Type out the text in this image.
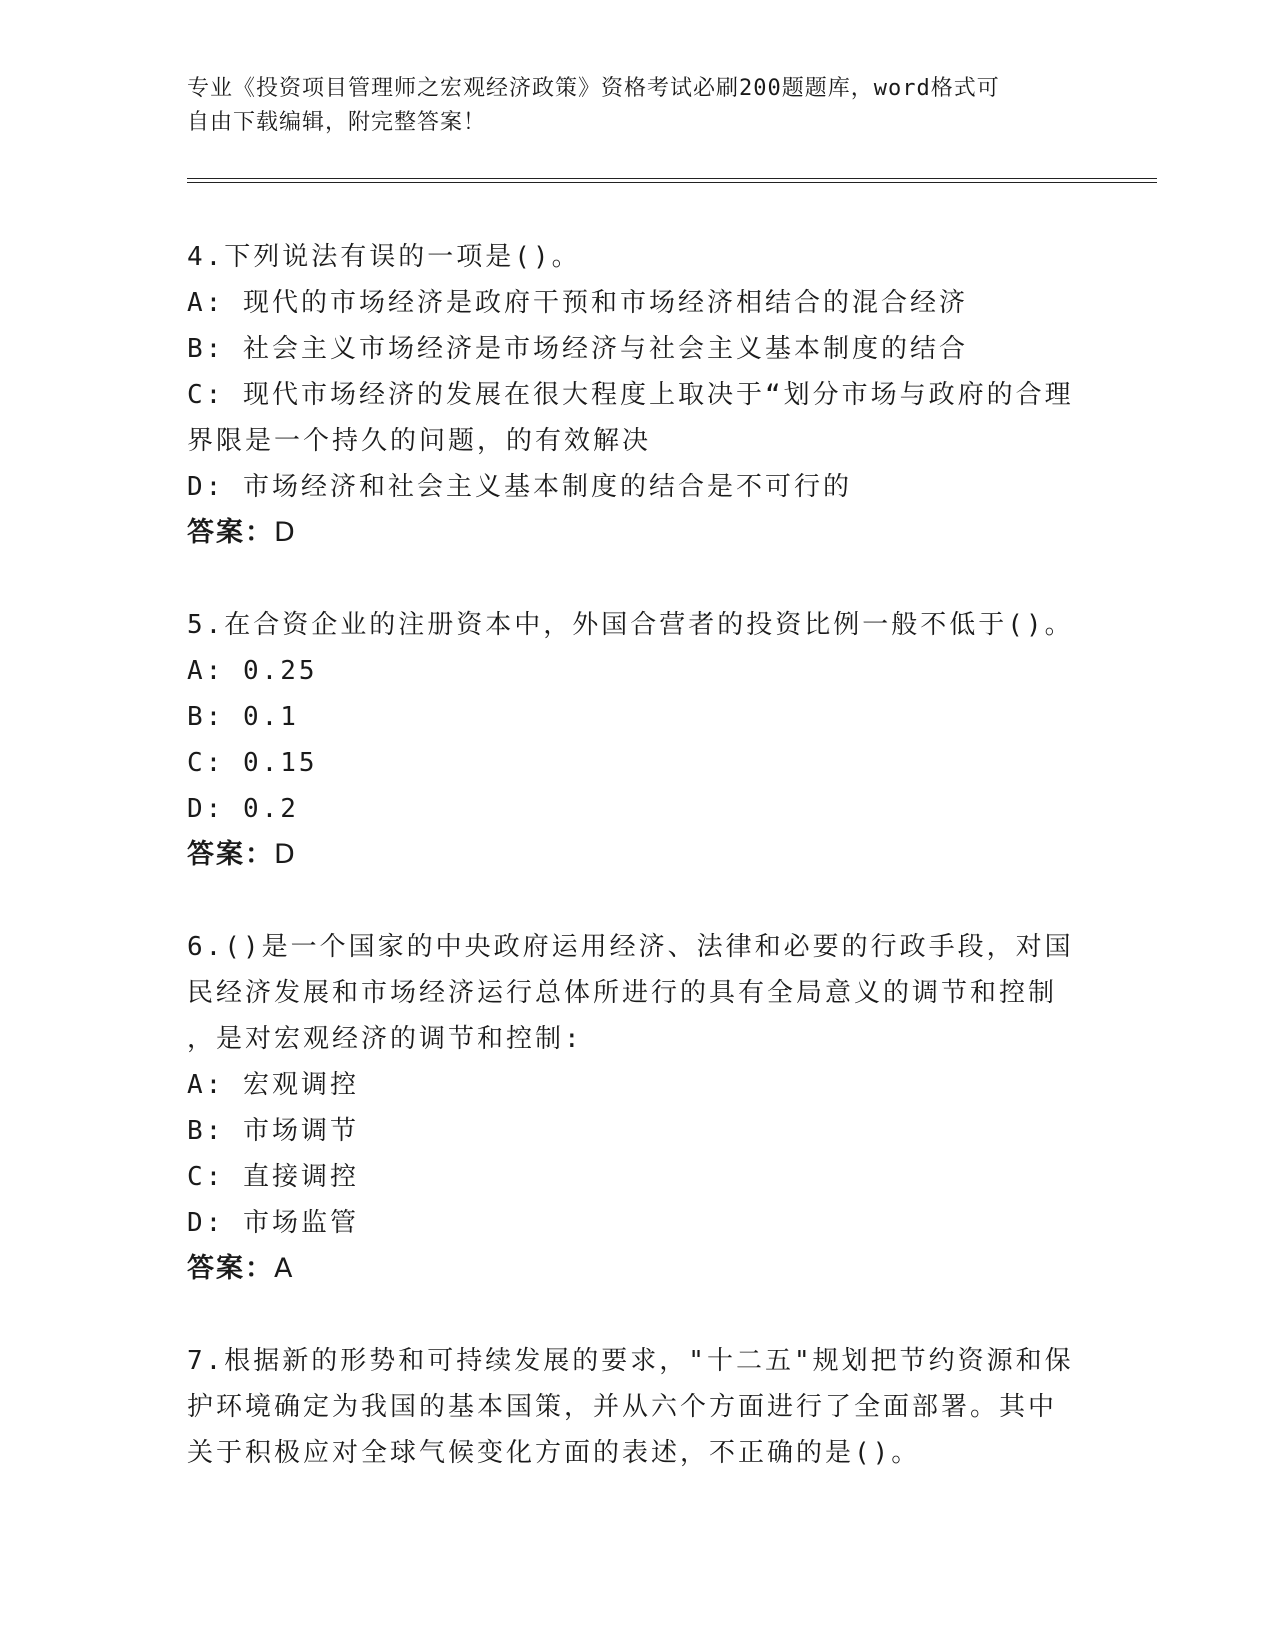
专业《投资项目管理师之宏观经济政策》资格考试必刷200题题库，word格式可
自由下载编辑，附完整答案！
4.下列说法有误的一项是()。
A: 现代的市场经济是政府干预和市场经济相结合的混合经济
B: 社会主义市场经济是市场经济与社会主义基本制度的结合
C: 现代市场经济的发展在很大程度上取决于“划分市场与政府的合理
界限是一个持久的问题，的有效解决
D: 市场经济和社会主义基本制度的结合是不可行的
答案：D
5.在合资企业的注册资本中，外国合营者的投资比例一般不低于()。
A: 0.25
B: 0.1
C: 0.15
D: 0.2
答案：D
6.()是一个国家的中央政府运用经济、法律和必要的行政手段，对国
民经济发展和市场经济运行总体所进行的具有全局意义的调节和控制
，是对宏观经济的调节和控制:
A: 宏观调控
B: 市场调节
C: 直接调控
D: 市场监管
答案：A
7.根据新的形势和可持续发展的要求，"十二五"规划把节约资源和保
护环境确定为我国的基本国策，并从六个方面进行了全面部署。其中
关于积极应对全球气候变化方面的表述，不正确的是()。
